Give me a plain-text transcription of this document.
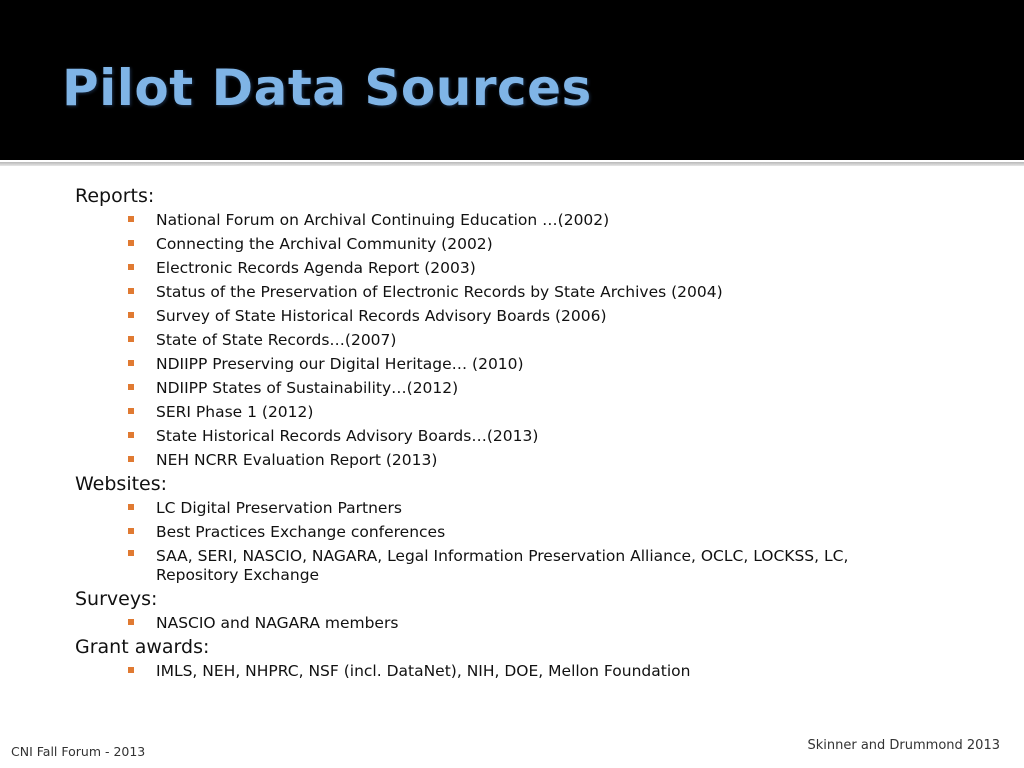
Pilot Data Sources

Reports:

National Forum on Archival Continuing Education …(2002)
Connecting the Archival Community (2002)
Electronic Records Agenda Report (2003)
Status of the Preservation of Electronic Records by State Archives (2004)
Survey of State Historical Records Advisory Boards (2006)
State of State Records…(2007)
NDIIPP Preserving our Digital Heritage… (2010)
NDIIPP States of Sustainability…(2012)
SERI Phase 1 (2012)
State Historical Records Advisory Boards…(2013)
NEH NCRR Evaluation Report (2013)

Websites:

LC Digital Preservation Partners
Best Practices Exchange conferences
SAA, SERI, NASCIO, NAGARA, Legal Information Preservation Alliance, OCLC, LOCKSS, LC, Repository Exchange

Surveys:

NASCIO and NAGARA members

Grant awards:

IMLS, NEH, NHPRC, NSF (incl. DataNet), NIH, DOE, Mellon Foundation
CNI Fall Forum - 2013	Skinner and Drummond 2013
